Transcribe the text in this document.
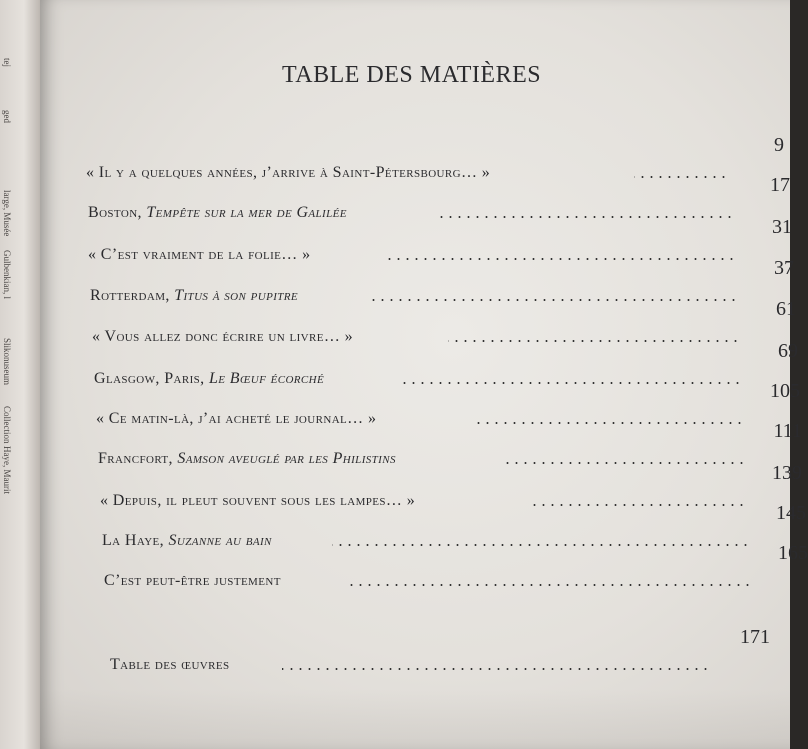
tej
ged
large, Musée
Gulbenkian, l
Slikonuseum
Collection
Haye, Maurit
TABLE DES MATIÈRES
« Il y a quelques années, j’arrive à Saint-Pétersbourg… »
9
Boston, Tempête sur la mer de Galilée
17
« C’est vraiment de la folie… »
31
Rotterdam, Titus à son pupitre
37
« Vous allez donc écrire un livre… »
61
Glasgow, Paris, Le Bœuf écorché
69
« Ce matin-là, j’ai acheté le journal… »
105
Francfort, Samson aveuglé par les Philistins
111
« Depuis, il pleut souvent sous les lampes… »
139
La Haye, Suzanne au bain
145
C’est peut-être justement
165
Table des œuvres
171
